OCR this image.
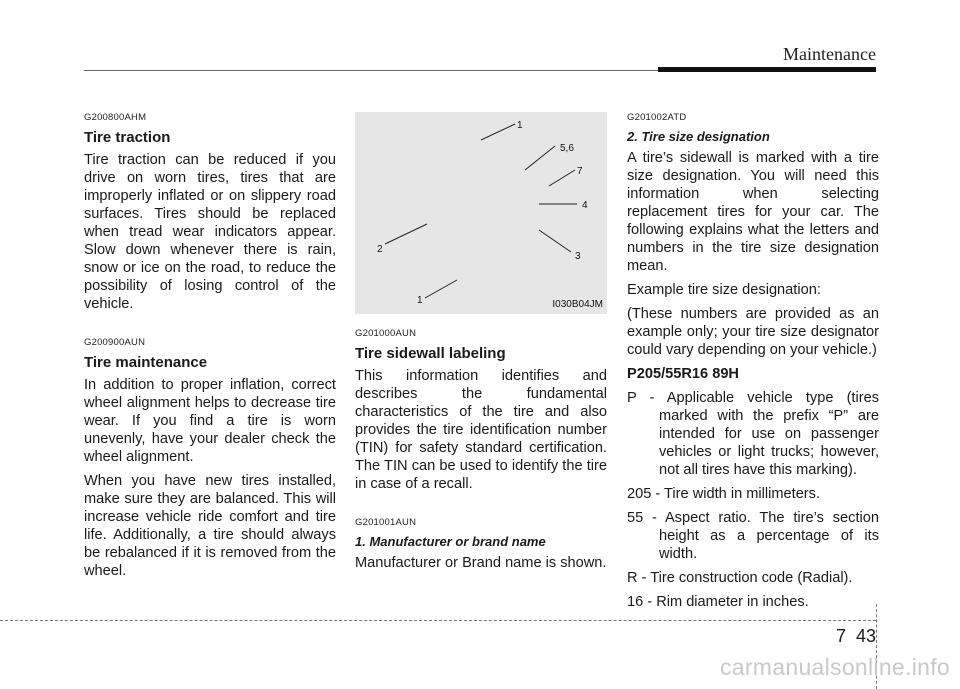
Maintenance
G200800AHM
Tire traction

Tire traction can be reduced if you drive on worn tires, tires that are improperly inflated or on slippery road surfaces. Tires should be replaced when tread wear indicators appear. Slow down whenever there is rain, snow or ice on the road, to reduce the possibility of losing control of the vehicle.

G200900AUN
Tire maintenance

In addition to proper inflation, correct wheel alignment helps to decrease tire wear. If you find a tire is worn unevenly, have your dealer check the wheel alignment.

When you have new tires installed, make sure they are balanced. This will increase vehicle ride comfort and tire life. Additionally, a tire should always be rebalanced if it is removed from the wheel.

1
5,6
7
4
3
2
1	I030B04JM
G201000AUN
Tire sidewall labeling

This information identifies and describes the fundamental characteristics of the tire and also provides the tire identification number (TIN) for safety standard certification. The TIN can be used to identify the tire in case of a recall.

G201001AUN
1. Manufacturer or brand name

Manufacturer or Brand name is shown.

G201002ATD
2. Tire size designation

A tire’s sidewall is marked with a tire size designation. You will need this information when selecting replacement tires for your car. The following explains what the letters and numbers in the tire size designation mean.

Example tire size designation:

(These numbers are provided as an example only; your tire size designator could vary depending on your vehicle.)

P205/55R16 89H
P - Applicable vehicle type (tires marked with the prefix “P” are intended for use on passenger vehicles or light trucks; however, not all tires have this marking).
205 - Tire width in millimeters.
55 - Aspect ratio. The tire’s section height as a percentage of its width.
R - Tire construction code (Radial).
16 - Rim diameter in inches.
7 43
carmanualsonline.info
